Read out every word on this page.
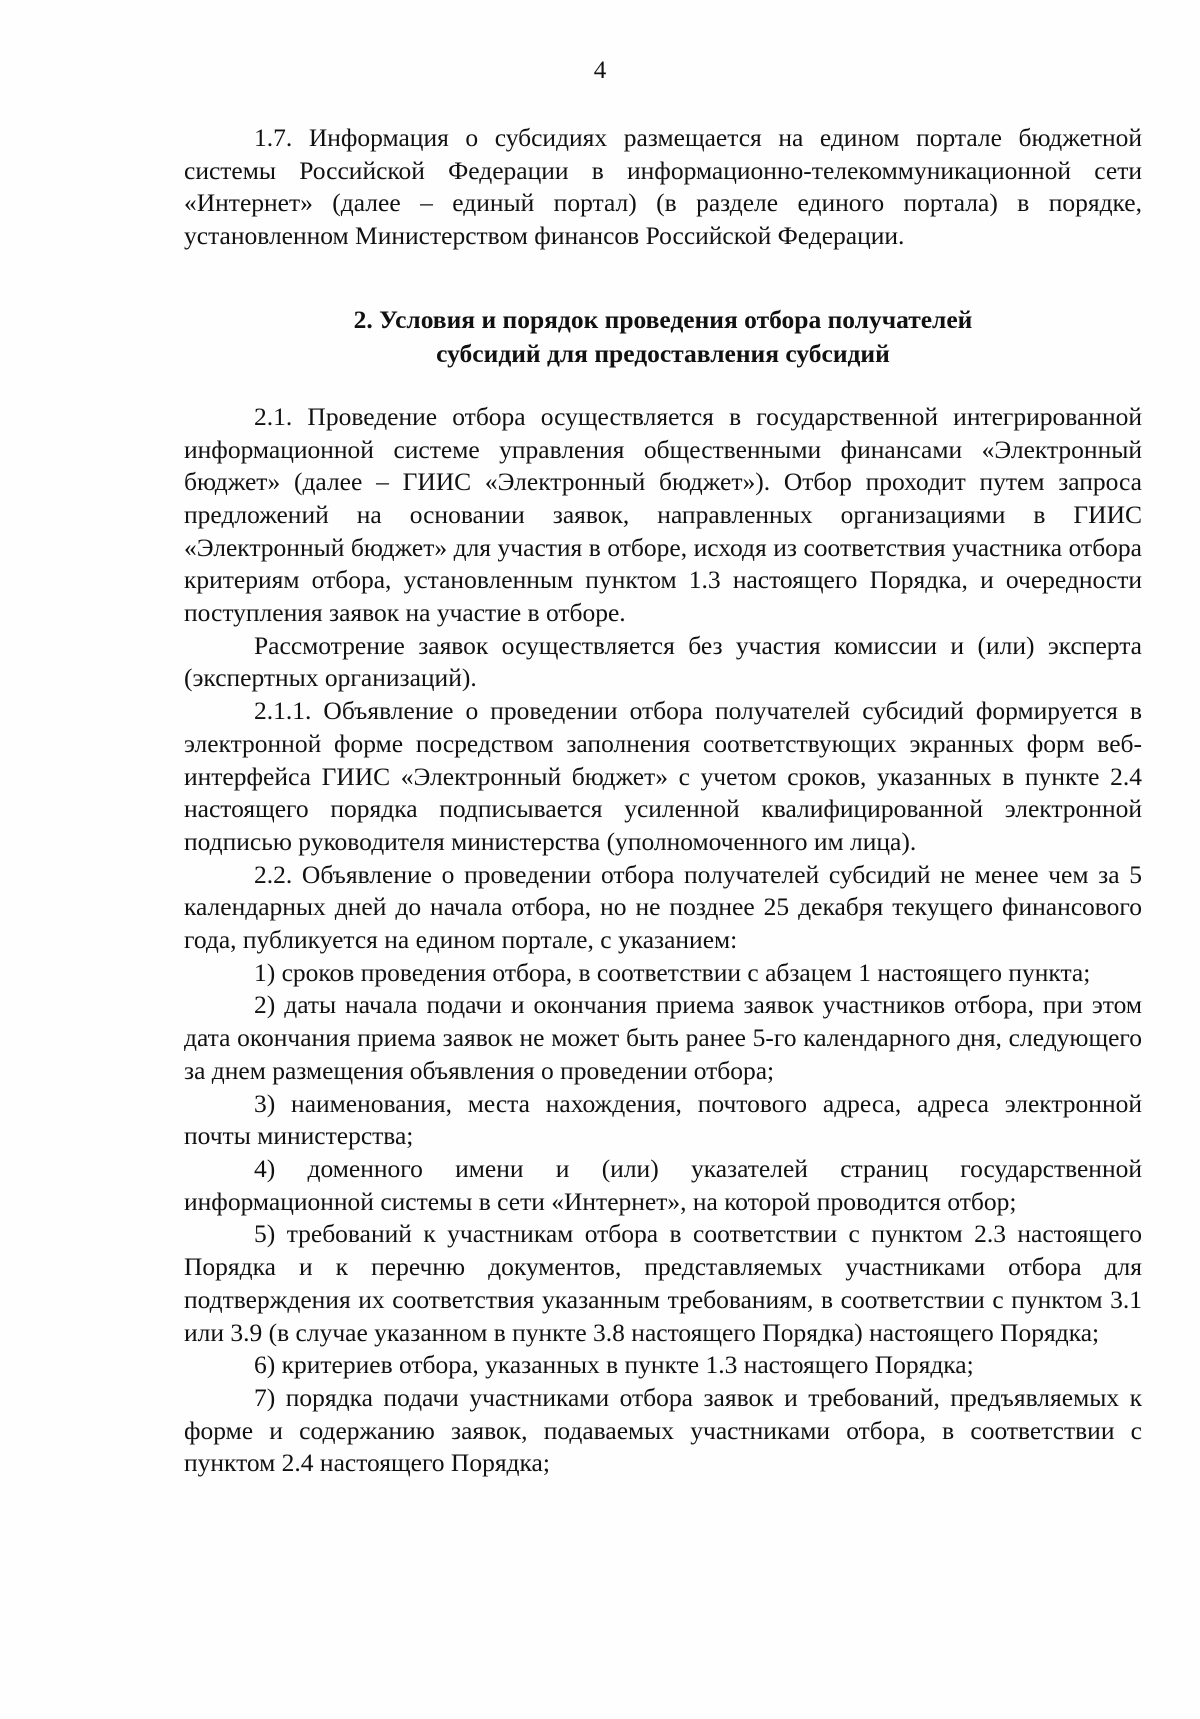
4

1.7. Информация о субсидиях размещается на едином портале бюджетной системы Российской Федерации в информационно-телекоммуникационной сети «Интернет» (далее – единый портал) (в разделе единого портала) в порядке, установленном Министерством финансов Российской Федерации.

2. Условия и порядок проведения отбора получателей
субсидий для предоставления субсидий

2.1. Проведение отбора осуществляется в государственной интегрированной информационной системе управления общественными финансами «Электронный бюджет» (далее – ГИИС «Электронный бюджет»). Отбор проходит путем запроса предложений на основании заявок, направленных организациями в ГИИС «Электронный бюджет» для участия в отборе, исходя из соответствия участника отбора критериям отбора, установленным пунктом 1.3 настоящего Порядка, и очередности поступления заявок на участие в отборе.

Рассмотрение заявок осуществляется без участия комиссии и (или) эксперта (экспертных организаций).

2.1.1. Объявление о проведении отбора получателей субсидий формируется в электронной форме посредством заполнения соответствующих экранных форм веб-интерфейса ГИИС «Электронный бюджет» с учетом сроков, указанных в пункте 2.4 настоящего порядка подписывается усиленной квалифицированной электронной подписью руководителя министерства (уполномоченного им лица).

2.2. Объявление о проведении отбора получателей субсидий не менее чем за 5 календарных дней до начала отбора, но не позднее 25 декабря текущего финансового года, публикуется на едином портале, с указанием:

1) сроков проведения отбора, в соответствии с абзацем 1 настоящего пункта;

2) даты начала подачи и окончания приема заявок участников отбора, при этом дата окончания приема заявок не может быть ранее 5-го календарного дня, следующего за днем размещения объявления о проведении отбора;

3) наименования, места нахождения, почтового адреса, адреса электронной почты министерства;

4) доменного имени и (или) указателей страниц государственной информационной системы в сети «Интернет», на которой проводится отбор;

5) требований к участникам отбора в соответствии с пунктом 2.3 настоящего Порядка и к перечню документов, представляемых участниками отбора для подтверждения их соответствия указанным требованиям, в соответствии с пунктом 3.1 или 3.9 (в случае указанном в пункте 3.8 настоящего Порядка) настоящего Порядка;

6) критериев отбора, указанных в пункте 1.3 настоящего Порядка;

7) порядка подачи участниками отбора заявок и требований, предъявляемых к форме и содержанию заявок, подаваемых участниками отбора, в соответствии с пунктом 2.4 настоящего Порядка;
